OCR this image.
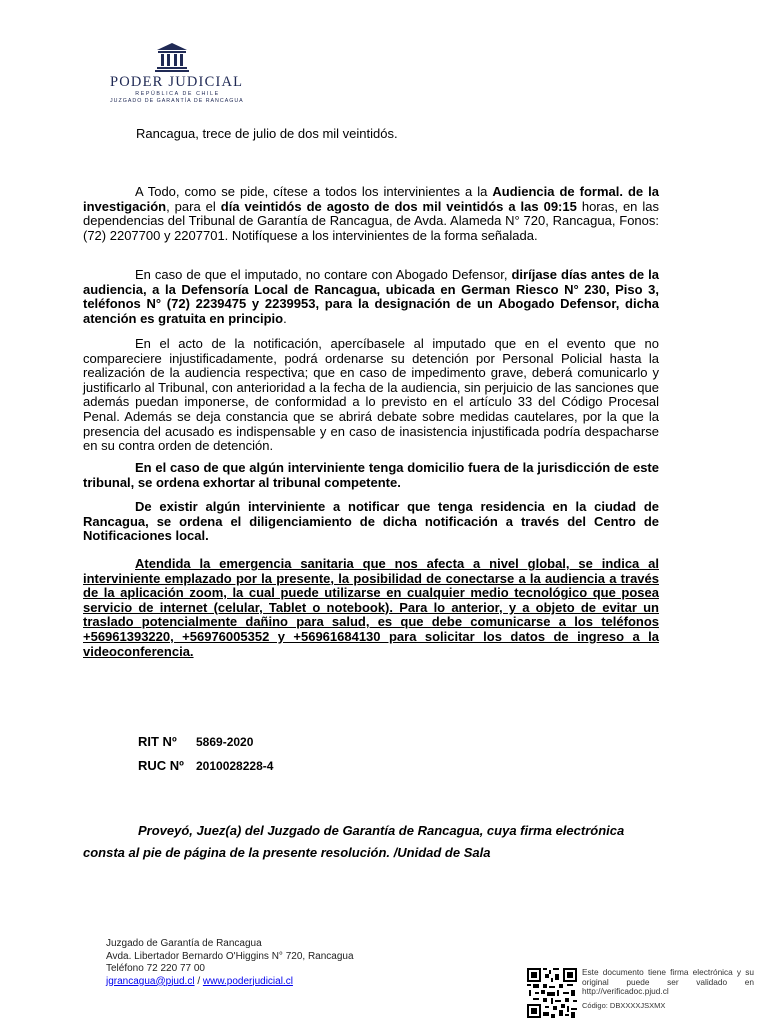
PODER JUDICIAL
REPÚBLICA DE CHILE
JUZGADO DE GARANTÍA DE RANCAGUA
Rancagua, trece de julio de dos mil veintidós.

A Todo, como se pide, cítese a todos los intervinientes a la Audiencia de formal. de la investigación, para el día veintidós de agosto de dos mil veintidós a las 09:15 horas, en las dependencias del Tribunal de Garantía de Rancagua, de Avda. Alameda N° 720, Rancagua, Fonos: (72) 2207700 y 2207701. Notifíquese a los intervinientes de la forma señalada.

En caso de que el imputado, no contare con Abogado Defensor, diríjase días antes de la audiencia, a la Defensoría Local de Rancagua, ubicada en German Riesco N° 230, Piso 3, teléfonos N° (72) 2239475 y 2239953, para la designación de un Abogado Defensor, dicha atención es gratuita en principio.

En el acto de la notificación, apercíbasele al imputado que en el evento que no compareciere injustificadamente, podrá ordenarse su detención por Personal Policial hasta la realización de la audiencia respectiva; que en caso de impedimento grave, deberá comunicarlo y justificarlo al Tribunal, con anterioridad a la fecha de la audiencia, sin perjuicio de las sanciones que además puedan imponerse, de conformidad a lo previsto en el artículo 33 del Código Procesal Penal. Además se deja constancia que se abrirá debate sobre medidas cautelares, por la que la presencia del acusado es indispensable y en caso de inasistencia injustificada podría despacharse en su contra orden de detención.

En el caso de que algún interviniente tenga domicilio fuera de la jurisdicción de este tribunal, se ordena exhortar al tribunal competente.

De existir algún interviniente a notificar que tenga residencia en la ciudad de Rancagua, se ordena el diligenciamiento de dicha notificación a través del Centro de Notificaciones local.

Atendida la emergencia sanitaria que nos afecta a nivel global, se indica al interviniente emplazado por la presente, la posibilidad de conectarse a la audiencia a través de la aplicación zoom, la cual puede utilizarse en cualquier medio tecnológico que posea servicio de internet (celular, Tablet o notebook). Para lo anterior, y a objeto de evitar un traslado potencialmente dañino para salud, es que debe comunicarse a los teléfonos +56961393220, +56976005352 y +56961684130 para solicitar los datos de ingreso a la videoconferencia.

RIT Nº 5869-2020
RUC Nº 2010028228-4
Proveyó, Juez(a) del Juzgado de Garantía de Rancagua, cuya firma electrónica
consta al pie de página de la presente resolución. /Unidad de Sala
Juzgado de Garantía de Rancagua
Avda. Libertador Bernardo O'Higgins N° 720, Rancagua
Teléfono 72 220 77 00
jgrancagua@pjud.cl / www.poderjudicial.cl
Este documento tiene firma electrónica y su original puede ser validado en http://verificadoc.pjud.cl
Código: DBXXXXJSXMX
